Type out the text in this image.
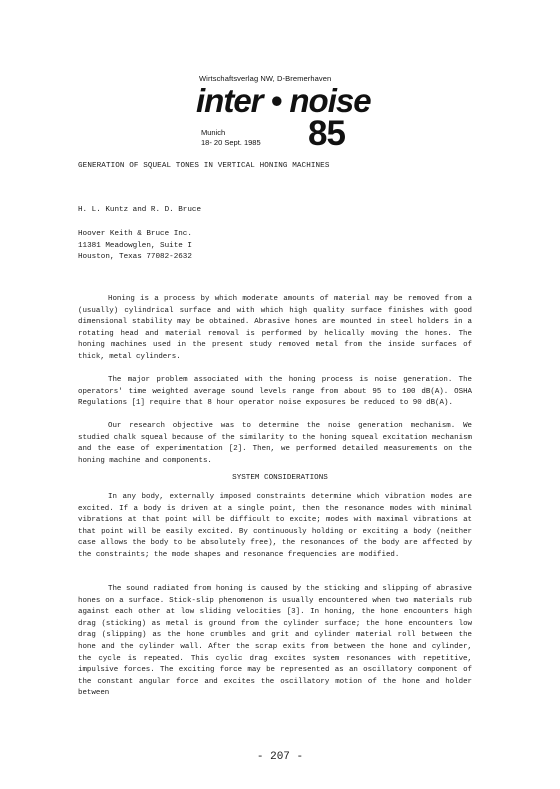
Wirtschaftsverlag NW, D-Bremerhaven
inter • noise
Munich
18- 20 Sept. 1985 85
GENERATION OF SQUEAL TONES IN VERTICAL HONING MACHINES
H. L. Kuntz and R. D. Bruce
Hoover Keith & Bruce Inc.
11381 Meadowglen, Suite I
Houston, Texas 77082-2632

Honing is a process by which moderate amounts of material may be removed from a (usually) cylindrical surface and with which high quality surface finishes with good dimensional stability may be obtained. Abrasive hones are mounted in steel holders in a rotating head and material removal is performed by helically moving the hones. The honing machines used in the present study removed metal from the inside surfaces of thick, metal cylinders.

The major problem associated with the honing process is noise generation. The operators' time weighted average sound levels range from about 95 to 100 dB(A). OSHA Regulations [1] require that 8 hour operator noise exposures be reduced to 90 dB(A).

Our research objective was to determine the noise generation mechanism. We studied chalk squeal because of the similarity to the honing squeal excitation mechanism and the ease of experimentation [2]. Then, we performed detailed measurements on the honing machine and components.

SYSTEM CONSIDERATIONS

In any body, externally imposed constraints determine which vibration modes are excited. If a body is driven at a single point, then the resonance modes with minimal vibrations at that point will be difficult to excite; modes with maximal vibrations at that point will be easily excited. By continuously holding or exciting a body (neither case allows the body to be absolutely free), the resonances of the body are affected by the constraints; the mode shapes and resonance frequencies are modified.

The sound radiated from honing is caused by the sticking and slipping of abrasive hones on a surface. Stick-slip phenomenon is usually encountered when two materials rub against each other at low sliding velocities [3]. In honing, the hone encounters high drag (sticking) as metal is ground from the cylinder surface; the hone encounters low drag (slipping) as the hone crumbles and grit and cylinder material roll between the hone and the cylinder wall. After the scrap exits from between the hone and cylinder, the cycle is repeated. This cyclic drag excites system resonances with repetitive, impulsive forces. The exciting force may be represented as an oscillatory component of the constant angular force and excites the oscillatory motion of the hone and holder between

- 207 -
